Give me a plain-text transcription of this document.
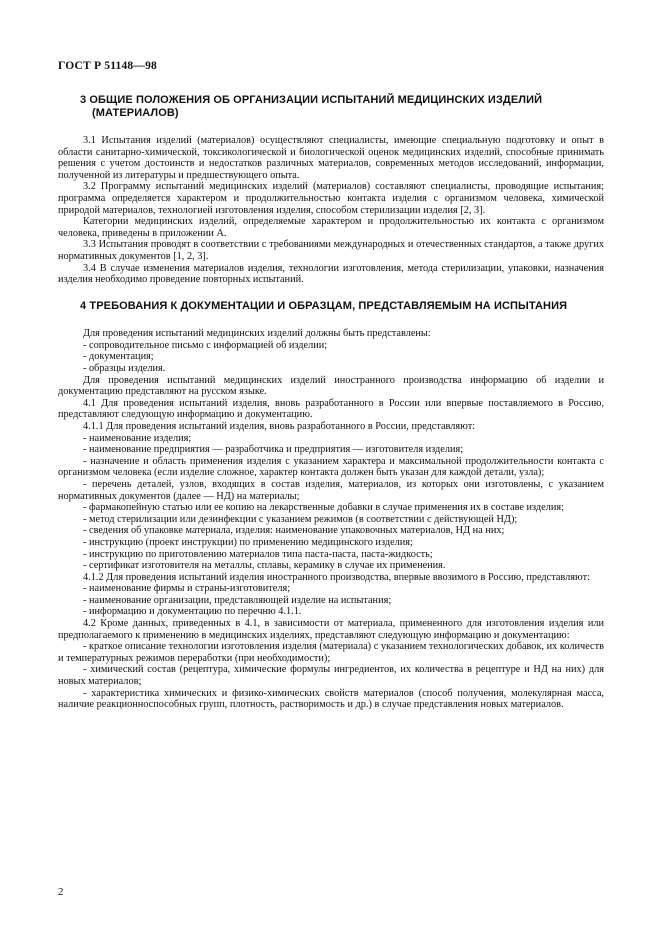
ГОСТ Р 51148—98
3 ОБЩИЕ ПОЛОЖЕНИЯ ОБ ОРГАНИЗАЦИИ ИСПЫТАНИЙ МЕДИЦИНСКИХ ИЗДЕЛИЙ (МАТЕРИАЛОВ)

3.1 Испытания изделий (материалов) осуществляют специалисты, имеющие специальную подготовку и опыт в области санитарно-химической, токсикологической и биологической оценок медицинских изделий, способные принимать решения с учетом достоинств и недостатков различных материалов, современных методов исследований, информации, полученной из литературы и предшествующего опыта.

3.2 Программу испытаний медицинских изделий (материалов) составляют специалисты, проводящие испытания; программа определяется характером и продолжительностью контакта изделия с организмом человека, химической природой материалов, технологией изготовления изделия, способом стерилизации изделия [2, 3].

Категории медицинских изделий, определяемые характером и продолжительностью их контакта с организмом человека, приведены в приложении А.

3.3 Испытания проводят в соответствии с требованиями международных и отечественных стандартов, а также других нормативных документов [1, 2, 3].

3.4 В случае изменения материалов изделия, технологии изготовления, метода стерилизации, упаковки, назначения изделия необходимо проведение повторных испытаний.

4 ТРЕБОВАНИЯ К ДОКУМЕНТАЦИИ И ОБРАЗЦАМ, ПРЕДСТАВЛЯЕМЫМ НА ИСПЫТАНИЯ

Для проведения испытаний медицинских изделий должны быть представлены:

- сопроводительное письмо с информацией об изделии;

- документация;

- образцы изделия.

Для проведения испытаний медицинских изделий иностранного производства информацию об изделии и документацию представляют на русском языке.

4.1 Для проведения испытаний изделия, вновь разработанного в России или впервые поставляемого в Россию, представляют следующую информацию и документацию.

4.1.1 Для проведения испытаний изделия, вновь разработанного в России, представляют:

- наименование изделия;

- наименование предприятия — разработчика и предприятия — изготовителя изделия;

- назначение и область применения изделия с указанием характера и максимальной продолжительности контакта с организмом человека (если изделие сложное, характер контакта должен быть указан для каждой детали, узла);

- перечень деталей, узлов, входящих в состав изделия, материалов, из которых они изготовлены, с указанием нормативных документов (далее — НД) на материалы;

- фармакопейную статью или ее копию на лекарственные добавки в случае применения их в составе изделия;

- метод стерилизации или дезинфекции с указанием режимов (в соответствии с действующей НД);

- сведения об упаковке материала, изделия: наименование упаковочных материалов, НД на них;

- инструкцию (проект инструкции) по применению медицинского изделия;

- инструкцию по приготовлению материалов типа паста-паста, паста-жидкость;

- сертификат изготовителя на металлы, сплавы, керамику в случае их применения.

4.1.2 Для проведения испытаний изделия иностранного производства, впервые ввозимого в Россию, представляют:

- наименование фирмы и страны-изготовителя;

- наименование организации, представляющей изделие на испытания;

- информацию и документацию по перечню 4.1.1.

4.2 Кроме данных, приведенных в 4.1, в зависимости от материала, примененного для изготовления изделия или предполагаемого к применению в медицинских изделиях, представляют следующую информацию и документацию:

- краткое описание технологии изготовления изделия (материала) с указанием технологических добавок, их количеств и температурных режимов переработки (при необходимости);

- химический состав (рецептура, химические формулы ингредиентов, их количества в рецептуре и НД на них) для новых материалов;

- характеристика химических и физико-химических свойств материалов (способ получения, молекулярная масса, наличие реакционноспособных групп, плотность, растворимость и др.) в случае представления новых материалов.

2
